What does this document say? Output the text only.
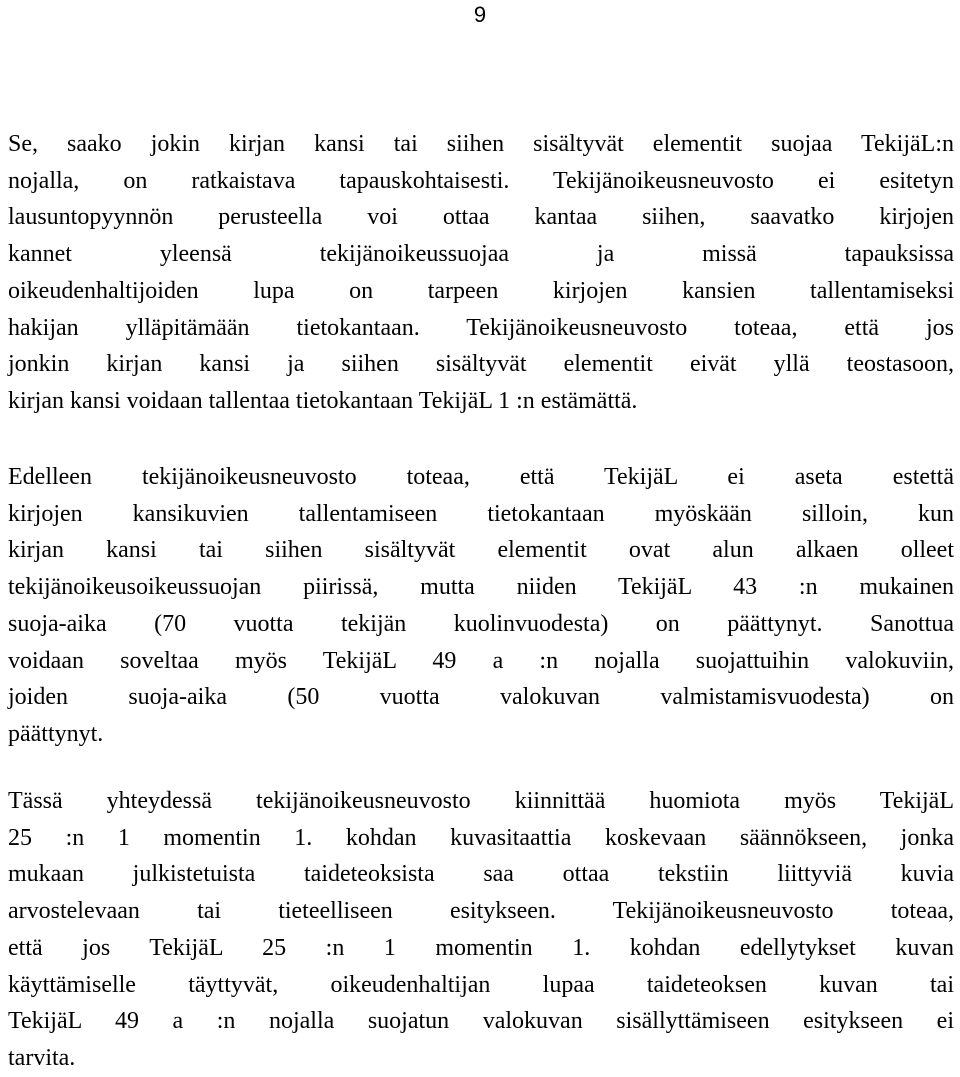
9
Se, saako jokin kirjan kansi tai siihen sisältyvät elementit suojaa TekijäL:n
nojalla, on ratkaistava tapauskohtaisesti. Tekijänoikeusneuvosto ei esitetyn
lausuntopyynnön perusteella voi ottaa kantaa siihen, saavatko kirjojen
kannet yleensä tekijänoikeussuojaa ja missä tapauksissa
oikeudenhaltijoiden lupa on tarpeen kirjojen kansien tallentamiseksi
hakijan ylläpitämään tietokantaan. Tekijänoikeusneuvosto toteaa, että jos
jonkin kirjan kansi ja siihen sisältyvät elementit eivät yllä teostasoon,
kirjan kansi voidaan tallentaa tietokantaan TekijäL 1 :n estämättä.
Edelleen tekijänoikeusneuvosto toteaa, että TekijäL ei aseta estettä
kirjojen kansikuvien tallentamiseen tietokantaan myöskään silloin, kun
kirjan kansi tai siihen sisältyvät elementit ovat alun alkaen olleet
tekijänoikeusoikeussuojan piirissä, mutta niiden TekijäL 43 :n mukainen
suoja-aika (70 vuotta tekijän kuolinvuodesta) on päättynyt. Sanottua
voidaan soveltaa myös TekijäL 49 a :n nojalla suojattuihin valokuviin,
joiden suoja-aika (50 vuotta valokuvan valmistamisvuodesta) on
päättynyt.
Tässä yhteydessä tekijänoikeusneuvosto kiinnittää huomiota myös TekijäL
25 :n 1 momentin 1. kohdan kuvasitaattia koskevaan säännökseen, jonka
mukaan julkistetuista taideteoksista saa ottaa tekstiin liittyviä kuvia
arvostelevaan tai tieteelliseen esitykseen. Tekijänoikeusneuvosto toteaa,
että jos TekijäL 25 :n 1 momentin 1. kohdan edellytykset kuvan
käyttämiselle täyttyvät, oikeudenhaltijan lupaa taideteoksen kuvan tai
TekijäL 49 a :n nojalla suojatun valokuvan sisällyttämiseen esitykseen ei
tarvita.
